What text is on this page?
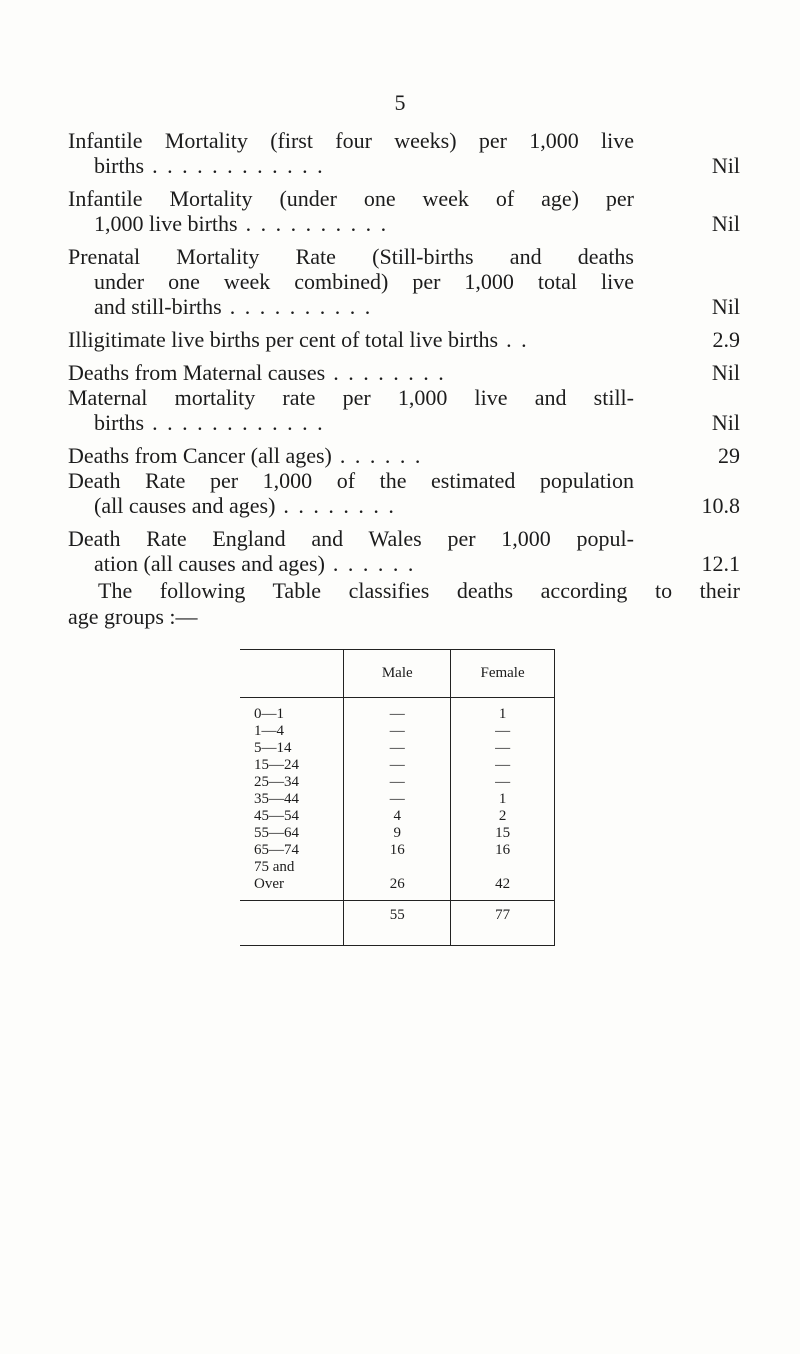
5
Infantile Mortality (first four weeks) per 1,000 live
births . . . . . . . . . . . .	Nil
Infantile Mortality (under one week of age) per
1,000 live births . . . . . . . . . .	Nil
Prenatal Mortality Rate (Still-births and deaths
under one week combined) per 1,000 total live
and still-births . . . . . . . . . .	Nil
Illigitimate live births per cent of total live births . .	2.9
Deaths from Maternal causes . . . . . . . .	Nil
Maternal mortality rate per 1,000 live and still-
births . . . . . . . . . . . .	Nil
Deaths from Cancer (all ages) . . . . . .	29
Death Rate per 1,000 of the estimated population
(all causes and ages) . . . . . . . .	10.8
Death Rate England and Wales per 1,000 popul-
ation (all causes and ages) . . . . . .	12.1
The following Table classifies deaths according to their
age groups :—
	Male	Female
0—1	—	1
1—4	—	—
5—14	—	—
15—24	—	—
25—34	—	—
35—44	—	1
45—54	4	2
55—64	9	15
65—74	16	16
75 and		
Over	26	42
	55	77
